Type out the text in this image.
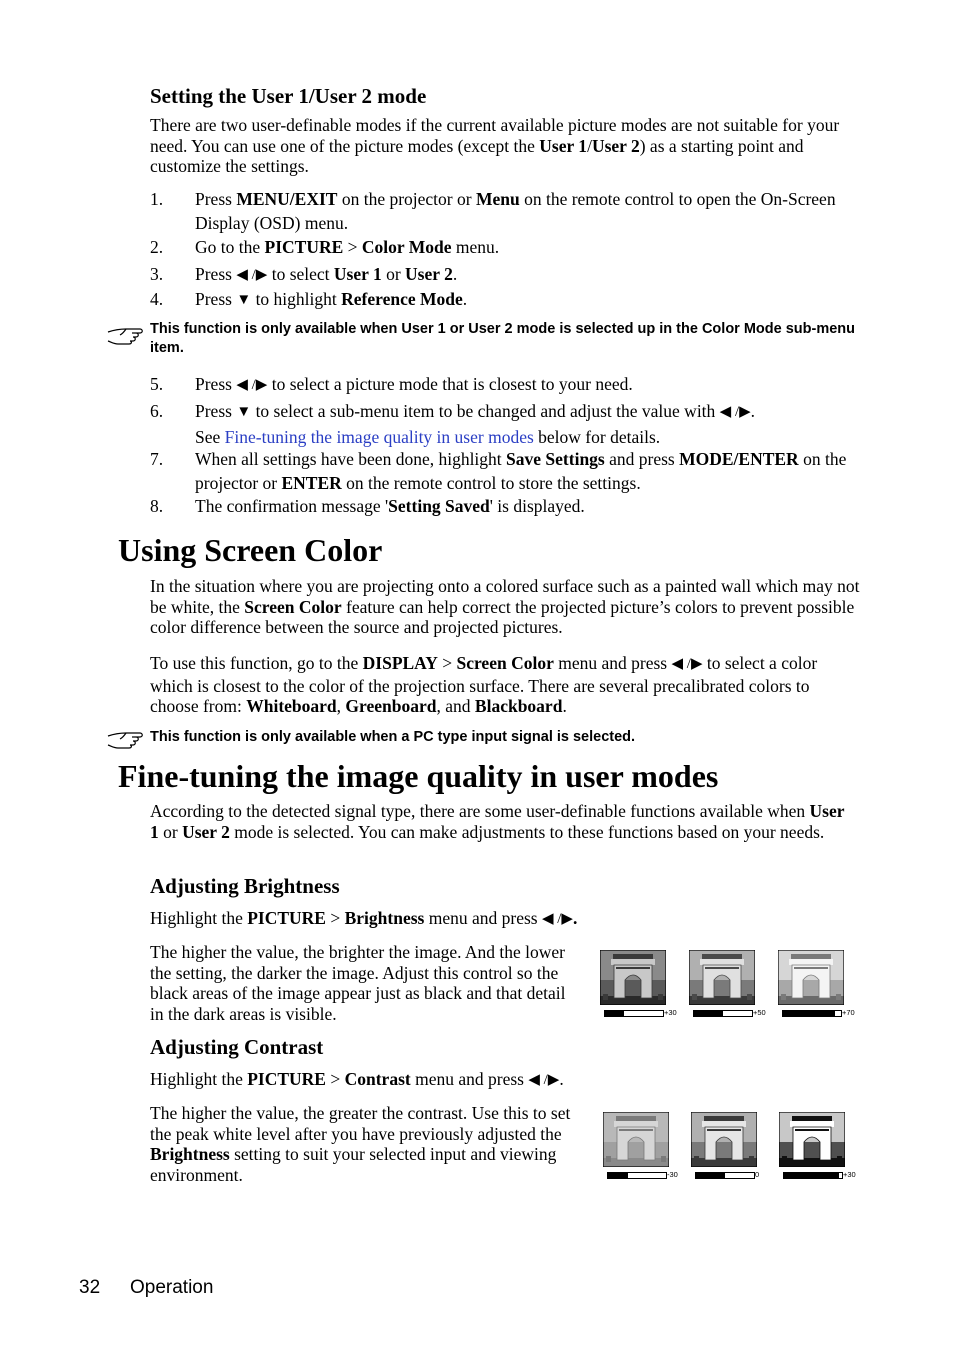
Setting the User 1/User 2 mode
There are two user-definable modes if the current available picture modes are not suitable for your need. You can use one of the picture modes (except the User 1/User 2) as a starting point and customize the settings.
1. Press MENU/EXIT on the projector or Menu on the remote control to open the On-Screen Display (OSD) menu.
2. Go to the PICTURE > Color Mode menu.
3. Press ◀ /▶ to select User 1 or User 2.
4. Press ▼ to highlight Reference Mode.
This function is only available when User 1 or User 2 mode is selected up in the Color Mode sub-menu item.
5. Press ◀ /▶ to select a picture mode that is closest to your need.
6. Press ▼ to select a sub-menu item to be changed and adjust the value with ◀ /▶.
See Fine-tuning the image quality in user modes below for details.
7. When all settings have been done, highlight Save Settings and press MODE/ENTER on the projector or ENTER on the remote control to store the settings.
8. The confirmation message 'Setting Saved' is displayed.
Using Screen Color
In the situation where you are projecting onto a colored surface such as a painted wall which may not be white, the Screen Color feature can help correct the projected picture’s colors to prevent possible color difference between the source and projected pictures.
To use this function, go to the DISPLAY > Screen Color menu and press ◀ /▶ to select a color which is closest to the color of the projection surface. There are several precalibrated colors to choose from: Whiteboard, Greenboard, and Blackboard.
This function is only available when a PC type input signal is selected.
Fine-tuning the image quality in user modes
According to the detected signal type, there are some user-definable functions available when User 1 or User 2 mode is selected. You can make adjustments to these functions based on your needs.
Adjusting Brightness
Highlight the PICTURE > Brightness menu and press ◀ /▶.
The higher the value, the brighter the image. And the lower the setting, the darker the image. Adjust this control so the black areas of the image appear just as black and that detail in the dark areas is visible.	+30	+50	+70
Adjusting Contrast
Highlight the PICTURE > Contrast menu and press ◀ /▶.
The higher the value, the greater the contrast. Use this to set the peak white level after you have previously adjusted the Brightness setting to suit your selected input and viewing environment.	-30	0	+30
32 Operation
